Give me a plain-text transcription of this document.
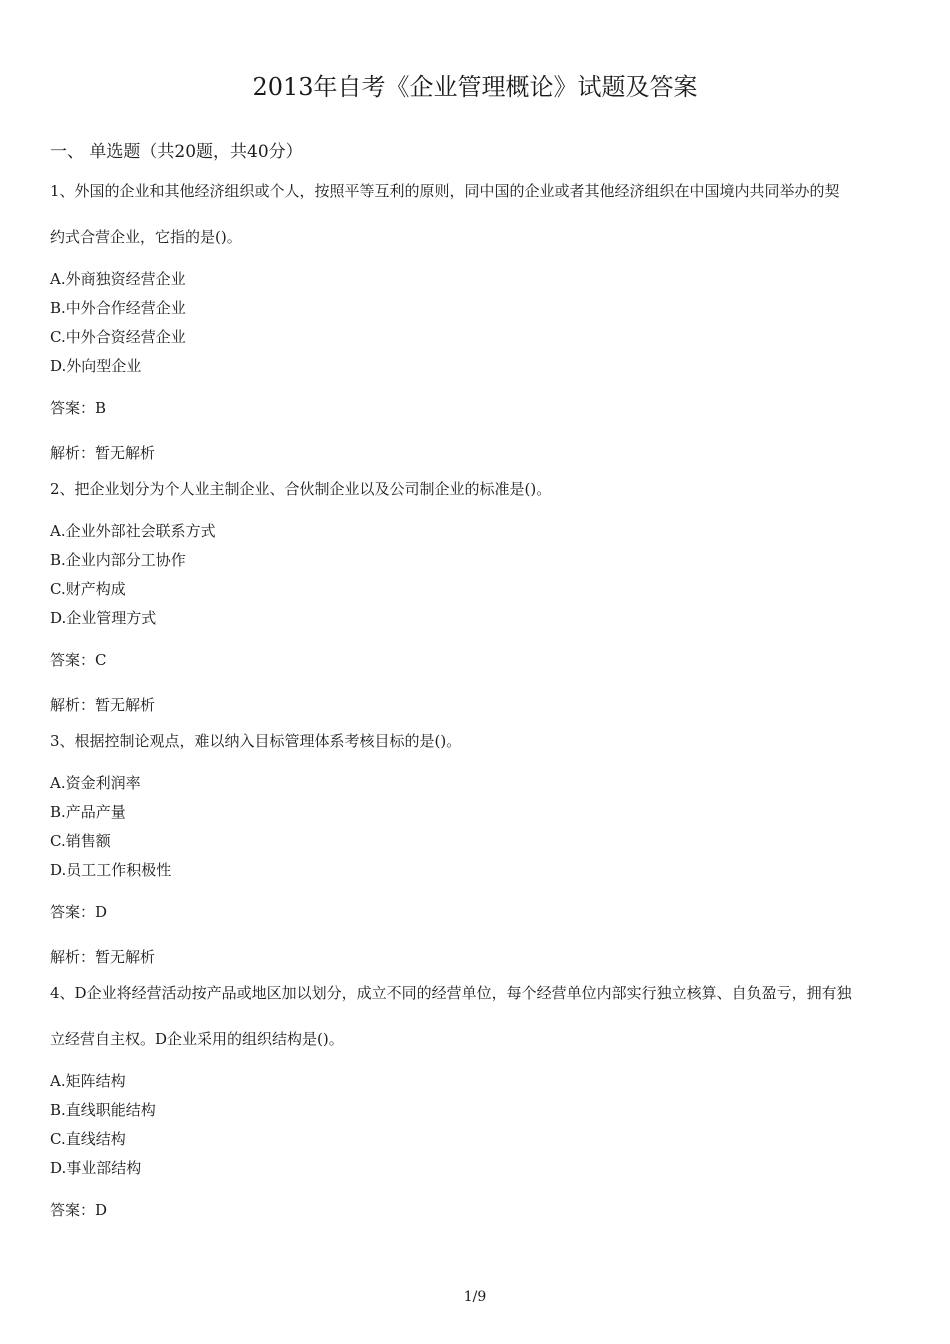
2013年自考《企业管理概论》试题及答案
一、 单选题（共20题，共40分）

1、外国的企业和其他经济组织或个人，按照平等互利的原则，同中国的企业或者其他经济组织在中国境内共同举办的契

约式合营企业，它指的是()。

A.外商独资经营企业
B.中外合作经营企业
C.中外合资经营企业
D.外向型企业
答案：B
解析：暂无解析

2、把企业划分为个人业主制企业、合伙制企业以及公司制企业的标准是()。

A.企业外部社会联系方式
B.企业内部分工协作
C.财产构成
D.企业管理方式
答案：C
解析：暂无解析

3、根据控制论观点，难以纳入目标管理体系考核目标的是()。

A.资金利润率
B.产品产量
C.销售额
D.员工工作积极性
答案：D
解析：暂无解析

4、D企业将经营活动按产品或地区加以划分，成立不同的经营单位，每个经营单位内部实行独立核算、自负盈亏，拥有独

立经营自主权。D企业采用的组织结构是()。

A.矩阵结构
B.直线职能结构
C.直线结构
D.事业部结构
答案：D
1/9
